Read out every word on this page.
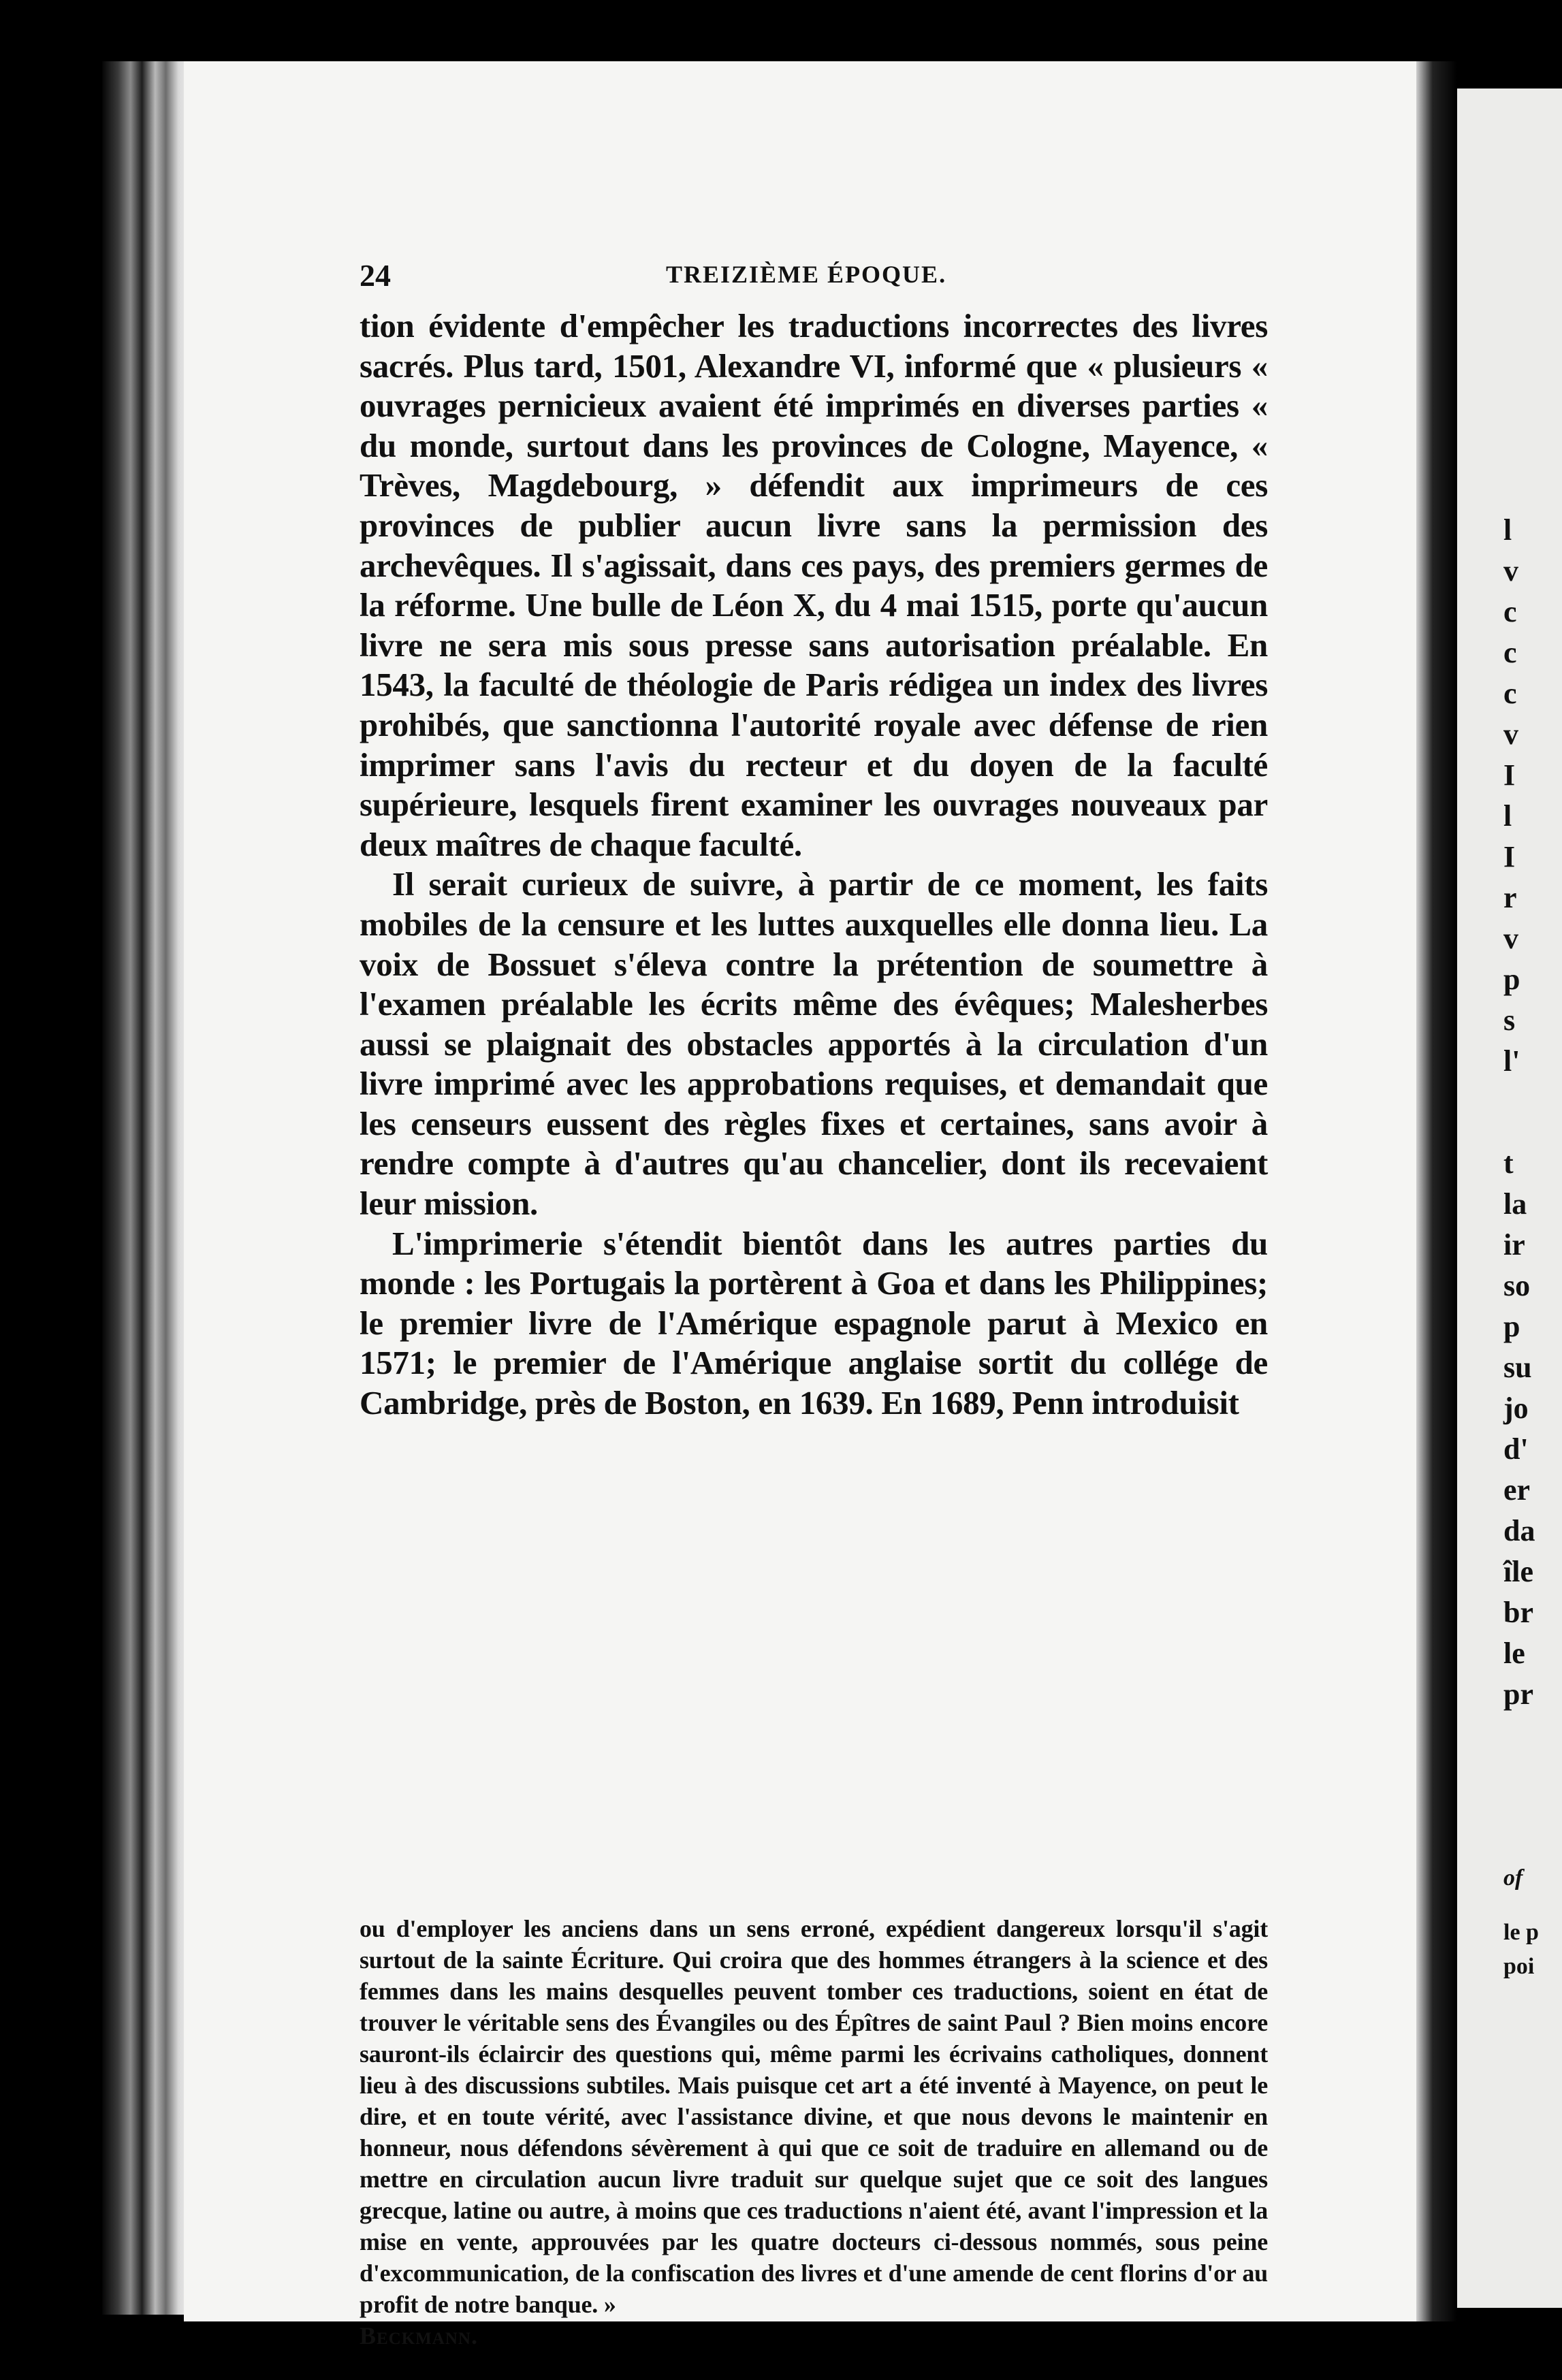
24	TREIZIÈME ÉPOQUE.

tion évidente d'empêcher les traductions incorrectes des livres sacrés. Plus tard, 1501, Alexandre VI, informé que « plusieurs « ouvrages pernicieux avaient été imprimés en diverses parties « du monde, surtout dans les provinces de Cologne, Mayence, « Trèves, Magdebourg, » défendit aux imprimeurs de ces provinces de publier aucun livre sans la permission des archevêques. Il s'agissait, dans ces pays, des premiers germes de la réforme. Une bulle de Léon X, du 4 mai 1515, porte qu'aucun livre ne sera mis sous presse sans autorisation préalable. En 1543, la faculté de théologie de Paris rédigea un index des livres prohibés, que sanctionna l'autorité royale avec défense de rien imprimer sans l'avis du recteur et du doyen de la faculté supérieure, lesquels firent examiner les ouvrages nouveaux par deux maîtres de chaque faculté.

Il serait curieux de suivre, à partir de ce moment, les faits mobiles de la censure et les luttes auxquelles elle donna lieu. La voix de Bossuet s'éleva contre la prétention de soumettre à l'examen préalable les écrits même des évêques; Malesherbes aussi se plaignait des obstacles apportés à la circulation d'un livre imprimé avec les approbations requises, et demandait que les censeurs eussent des règles fixes et certaines, sans avoir à rendre compte à d'autres qu'au chancelier, dont ils recevaient leur mission.

L'imprimerie s'étendit bientôt dans les autres parties du monde : les Portugais la portèrent à Goa et dans les Philippines; le premier livre de l'Amérique espagnole parut à Mexico en 1571; le premier de l'Amérique anglaise sortit du collége de Cambridge, près de Boston, en 1639. En 1689, Penn introduisit

ou d'employer les anciens dans un sens erroné, expédient dangereux lorsqu'il s'agit surtout de la sainte Écriture. Qui croira que des hommes étrangers à la science et des femmes dans les mains desquelles peuvent tomber ces traductions, soient en état de trouver le véritable sens des Évangiles ou des Épîtres de saint Paul ? Bien moins encore sauront-ils éclaircir des questions qui, même parmi les écrivains catholiques, donnent lieu à des discussions subtiles. Mais puisque cet art a été inventé à Mayence, on peut le dire, et en toute vérité, avec l'assistance divine, et que nous devons le maintenir en honneur, nous défendons sévèrement à qui que ce soit de traduire en allemand ou de mettre en circulation aucun livre traduit sur quelque sujet que ce soit des langues grecque, latine ou autre, à moins que ces traductions n'aient été, avant l'impression et la mise en vente, approuvées par les quatre docteurs ci-dessous nommés, sous peine d'excommunication, de la confiscation des livres et d'une amende de cent florins d'or au profit de notre banque. »
Beckmann.

l
v
c
c
c
v
I
l
I
r
v
p
s
l'
t
la
ir
so
p
su
jo
d'
er
da
île
br
le
pr
of
le p
poi
